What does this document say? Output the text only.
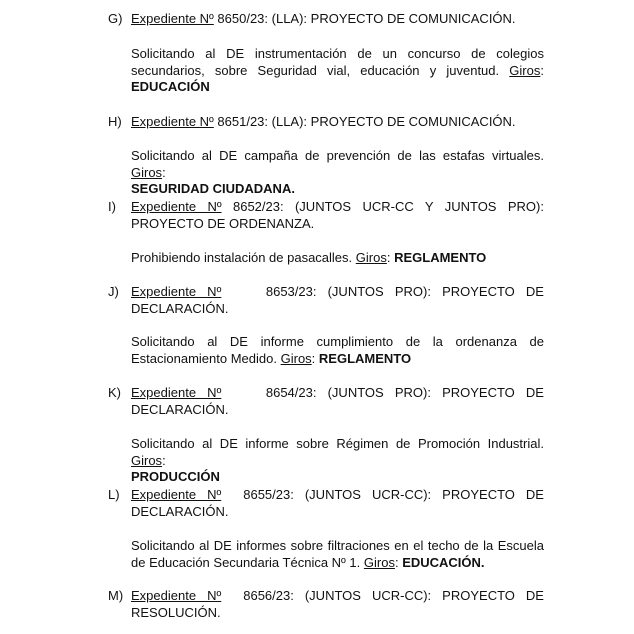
G) Expediente Nº 8650/23: (LLA): PROYECTO DE COMUNICACIÓN.
Solicitando al DE instrumentación de un concurso de colegios
secundarios, sobre Seguridad vial, educación y juventud. Giros:
EDUCACIÓN
H) Expediente Nº 8651/23: (LLA): PROYECTO DE COMUNICACIÓN.
Solicitando al DE campaña de prevención de las estafas virtuales. Giros:
SEGURIDAD CIUDADANA.
I) Expediente Nº 8652/23: (JUNTOS UCR-CC Y JUNTOS PRO):
PROYECTO DE ORDENANZA.
Prohibiendo instalación de pasacalles. Giros: REGLAMENTO
J) Expediente Nº	8653/23: (JUNTOS PRO): PROYECTO DE
DECLARACIÓN.
Solicitando al DE informe cumplimiento de la ordenanza de
Estacionamiento Medido. Giros: REGLAMENTO
K) Expediente Nº	8654/23: (JUNTOS PRO): PROYECTO DE
DECLARACIÓN.
Solicitando al DE informe sobre Régimen de Promoción Industrial. Giros:
PRODUCCIÓN
L) Expediente Nº 8655/23: (JUNTOS UCR-CC): PROYECTO DE
DECLARACIÓN.
Solicitando al DE informes sobre filtraciones en el techo de la Escuela
de Educación Secundaria Técnica Nº 1. Giros: EDUCACIÓN.
M) Expediente Nº 8656/23: (JUNTOS UCR-CC): PROYECTO DE
RESOLUCIÓN.
